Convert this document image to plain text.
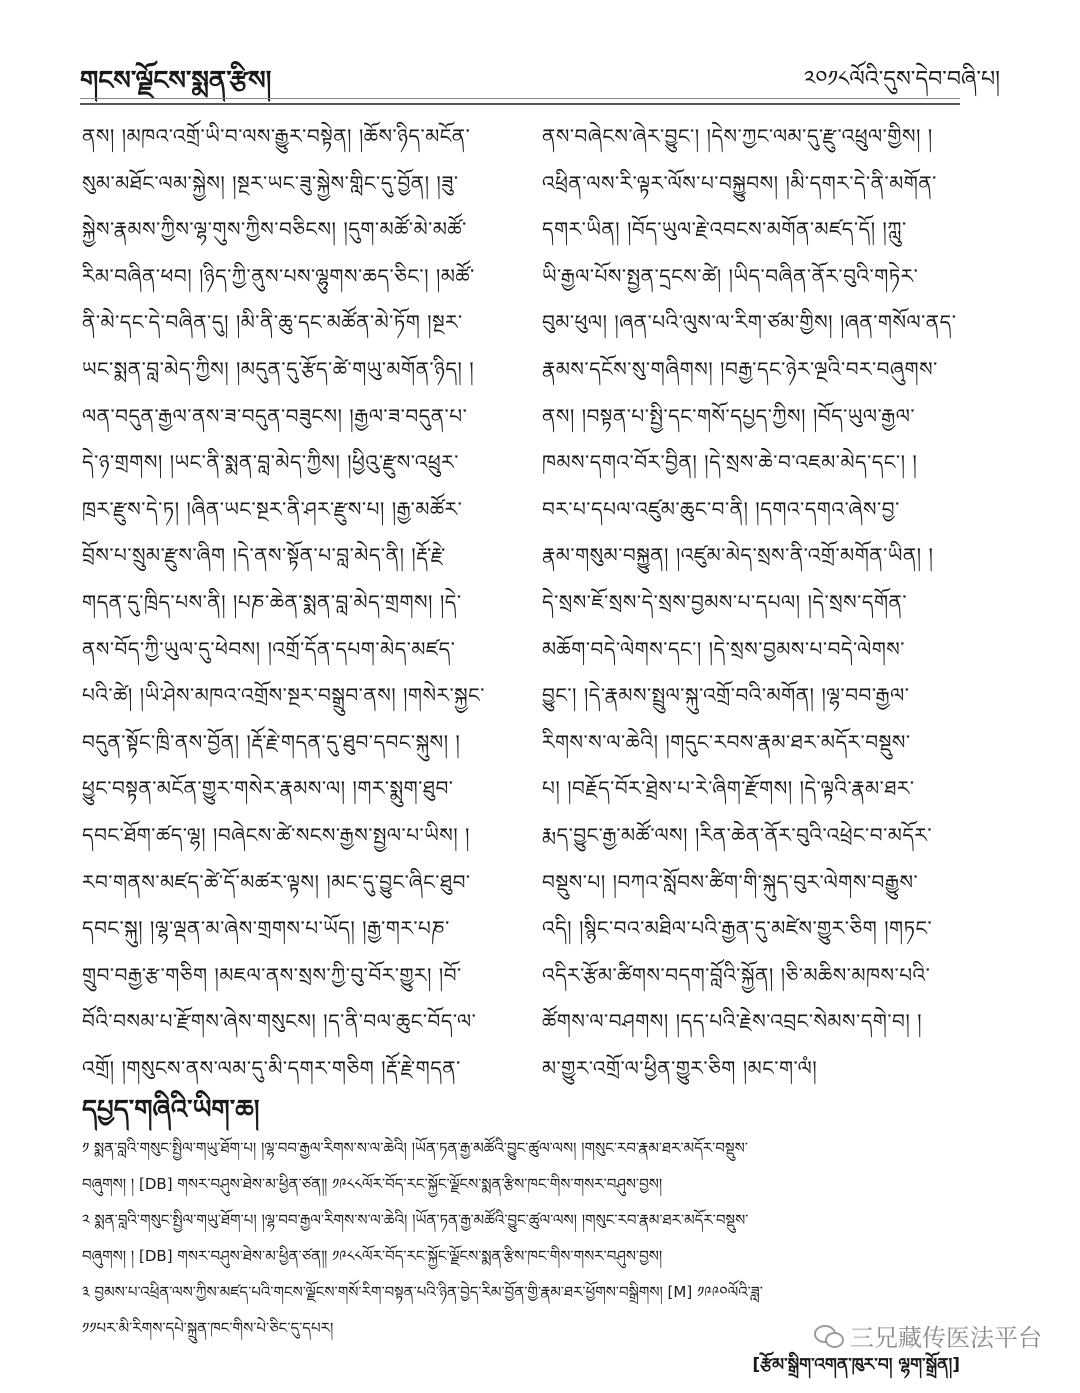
གངས་ལྗོངས་སྨན་རྩིས།	༢༠༡༨ལོའི་དུས་དེབ་བཞི་པ།
ནས། །མཁའ་འགྲོ་ཡི་བ་ལས་རྒྱུར་བསྟེན། །ཆོས་ཉིད་མངོན་
སུམ་མཐོང་ལམ་སྐྱེས། །སྔར་ཡང་ཟུ་སྐྱེས་གླིང་དུ་བྱོན། །ཟུ་
སྐྱེས་རྣམས་ཀྱིས་ལྷ་གུས་ཀྱིས་བཅིངས། །དུག་མཚོ་མེ་མཚོ་
རིམ་བཞིན་ཕབ། །ཉིད་ཀྱི་ནུས་པས་ལྷུགས་ཆད་ཅིང་། །མཚོ་
ནི་མེ་དང་དེ་བཞིན་དུ། །མི་ནི་ཆུ་དང་མཚོན་མེ་ཏོག །སྔར་
ཡང་སྨན་བླ་མེད་ཀྱིས། །མདུན་དུ་རྩོད་ཚེ་གཡུ་མགོན་ཉིད། །
ལན་བདུན་རྒྱལ་ནས་ཟ་བདུན་བཟུངས། །རྒྱལ་ཟ་བདུན་པ་
དེ་ཉ་གྲགས། །ཡང་ནི་སྨན་བླ་མེད་ཀྱིས། །ཕྱིའུ་རྫུས་འཕྲུར་
ཁྲར་རྫུས་དེ་ཏ། །ཞིན་ཡང་སྔར་ནི་ཤར་རྫུས་པ། །རྒྱ་མཚོར་
བྲོས་པ་སྲུམ་རྫུས་ཞིག །དེ་ནས་སྟོན་པ་བླ་མེད་ནི། །རྡོ་རྗེ་
གདན་དུ་ཁྲིད་པས་ནི། །པཎ་ཆེན་སྨན་བླ་མེད་གྲགས། །དེ་
ནས་བོད་ཀྱི་ཡུལ་དུ་ཕེབས། །འགྲོ་དོན་དཔག་མེད་མཛད་
པའི་ཚེ། །ཡི་ཤེས་མཁའ་འགྲོས་སྔར་བསྒྲུབ་ནས། །གསེར་སྐྱང་
བདུན་སྟོང་ཁྲི་ནས་བྱོན། །རྡོ་རྗེ་གདན་དུ་ཐུབ་དབང་སྐུས། །
ཕྱུང་བསྟན་མངོན་གྱུར་གསེར་རྣམས་ལ། །གར་སྨུག་ཐུབ་
དབང་ཐོག་ཚད་ལྷ། །བཞེངས་ཚེ་སངས་རྒྱས་སྤྱལ་པ་ཡིས། །
རབ་གནས་མཛད་ཚེ་དོ་མཚར་ལྟས། །མང་དུ་བྱུང་ཞིང་ཐུབ་
དབང་སྐུ། །ལྷ་ལྡན་མ་ཞེས་གྲགས་པ་ཡོད། །རྒྱ་གར་པཎ་
གྲུབ་བརྒྱ་རྩ་གཅིག །མཇལ་ནས་སྲས་ཀྱི་བུ་བོར་གྱུར། །བོ་
བོའི་བསམ་པ་རྫོགས་ཞེས་གསུངས། །ད་ནི་བལ་ཆུང་བོད་ལ་
འགྲོ། །གསུངས་ནས་ལམ་དུ་མི་དགར་གཅིག །རྡོ་རྗེ་གདན་
ནས་བཞེངས་ཞེར་བྱུང་། །དེས་ཀྱང་ལམ་དུ་རྫུ་འཕྲུལ་གྱིས། །
འཕྲིན་ལས་རི་ལྟར་ལོས་པ་བསྐྱུབས། །མི་དགར་དེ་ནི་མགོན་
དགར་ཡིན། །བོད་ཡུལ་རྗེ་འབངས་མགོན་མཛད་དོ། །ཀླུ་
ཡི་རྒྱལ་པོས་སྤྱན་དྲངས་ཚེ། །ཡིད་བཞིན་ནོར་བུའི་གཏེར་
བུམ་ཕུལ། །ཞན་པའི་ལུས་ལ་རིག་ཙམ་གྱིས། །ཞན་གསོལ་ནད་
རྣམས་དངོས་སུ་གཞིགས། །བརྒྱ་དང་ཉེར་ལྔའི་བར་བཞུགས་
ནས། །བསྟན་པ་སྤྱི་དང་གསོ་དཔྱད་ཀྱིས། །བོད་ཡུལ་རྒྱལ་
ཁམས་དགའ་བོར་བྱིན། །དེ་སྲས་ཆེ་བ་འཇམ་མེད་དང་། །
བར་པ་དཔལ་འཛུམ་ཆུང་བ་ནི། །དགའ་དགའ་ཞེས་བྱ་
རྣམ་གསུམ་བསྐྱུན། །འཛུམ་མེད་སྲས་ནི་འགྲོ་མགོན་ཡིན། །
དེ་སྲས་ཇོ་སྲས་དེ་སྲས་བྱམས་པ་དཔལ། །དེ་སྲས་དགོན་
མཆོག་བདེ་ལེགས་དང་། །དེ་སྲས་བྱམས་པ་བདེ་ལེགས་
བྱུང་། །དེ་རྣམས་སྤྲུལ་སྐུ་འགྲོ་བའི་མགོན། །ལྷ་བབ་རྒྱལ་
རིགས་ས་ལ་ཆེའི། །གདུང་རབས་རྣམ་ཐར་མདོར་བསྡུས་
པ། །བརྗོད་བོར་ཐྲེས་པ་རེ་ཞིག་རྫོགས། །དེ་ལྟའི་རྣམ་ཐར་
རྨད་བྱུང་རྒྱ་མཚོ་ལས། །རིན་ཆེན་ནོར་བུའི་འཕྲེང་བ་མདོར་
བསྡུས་པ། །བཀའ་སློབས་ཚིག་གི་སྐུད་བུར་ལེགས་བརྒྱུས་
འདི། །སྙིང་བའ་མཐིལ་པའི་རྒྱན་དུ་མཛེས་གྱུར་ཅིག །གཏང་
འདིར་རྩོམ་ཚིགས་བདག་བློའི་སྐྱོན། །ཅི་མཆིས་མཁས་པའི་
ཚོགས་ལ་བཤགས། །དད་པའི་རྗེས་འབྲང་སེམས་དགེ་བ། །
མ་གྱུར་འགྲོ་ལ་ཕྱིན་གྱུར་ཅིག །མང་ག་ལཾ།
དཔྱད་གཞིའི་ཡིག་ཆ།
༡ སྨན་བླའི་གསུང་སྤྱིལ་གཡུ་ཐོག་པ། །ལྷ་བབ་རྒྱལ་རིགས་ས་ལ་ཆེའི། །ཡོན་ཏན་རྒྱ་མཚོའི་བྱུང་ཚུལ་ལས། །གསུང་རབ་རྣམ་ཐར་མདོར་བསྡུས་
བཞུགས། ། [DB] གསར་བཤུས་ཐེས་མ་ཕྱིན་ཙན༎ ༡༩༨༨ལོར་བོད་རང་སྐྱོང་ལྗོངས་སྨན་རྩིས་ཁང་གིས་གསར་བཤུས་བྱས།
༢ སྨན་བླའི་གསུང་སྤྱིལ་གཡུ་ཐོག་པ། །ལྷ་བབ་རྒྱལ་རིགས་ས་ལ་ཆེའི། །ཡོན་ཏན་རྒྱ་མཚོའི་བྱུང་ཚུལ་ལས། །གསུང་རབ་རྣམ་ཐར་མདོར་བསྡུས་
བཞུགས། ། [DB] གསར་བཤུས་ཐེས་མ་ཕྱིན་ཙན༎ ༡༩༨༨ལོར་བོད་རང་སྐྱོང་ལྗོངས་སྨན་རྩིས་ཁང་གིས་གསར་བཤུས་བྱས།
༣ བྱམས་པ་འཕྲིན་ལས་ཀྱིས་མཛད་པའི་གངས་ལྗོངས་གསོ་རིག་བསྟན་པའི་ཉིན་བྱེད་རིམ་བྱོན་གྱི་རྣམ་ཐར་ཕྱོགས་བསྒྲིགས། [M] ༡༩༩༠ལོའི་ཟླ་
༡༡པར་མི་རིགས་དཔེ་སྐྲུན་ཁང་གིས་པེ་ཅིང་དུ་དཔར།	三兄藏传医法平台
[རྩོམ་སྒྲིག་འགན་ཁུར་བ། ལྷག་སྒྲོན།]
